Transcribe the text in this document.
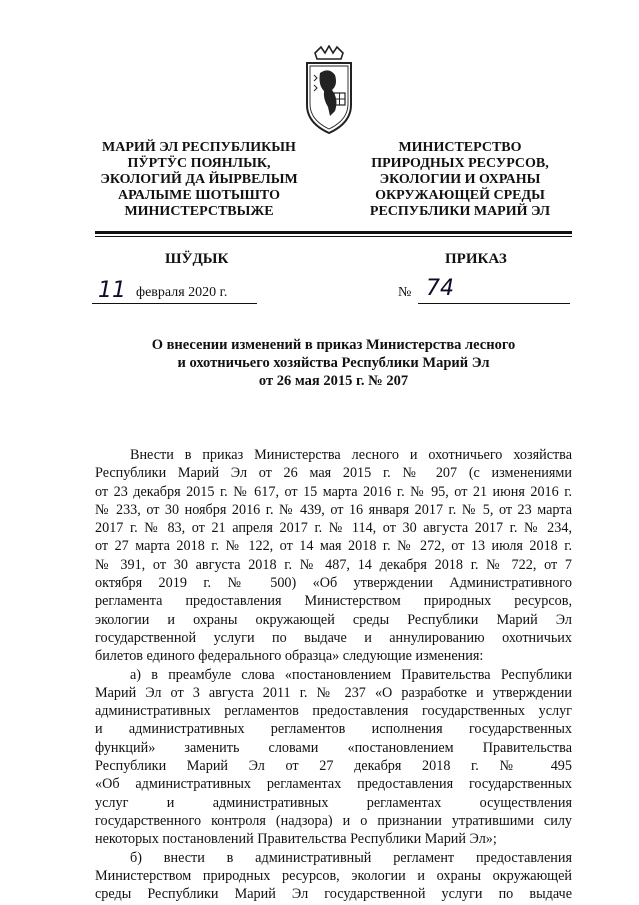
МАРИЙ ЭЛ РЕСПУБЛИКЫН
ПӰРТӰС ПОЯНЛЫК,
ЭКОЛОГИЙ ДА ЙЫРВЕЛЫМ
АРАЛЫМЕ ШОТЫШТО
МИНИСТЕРСТВЫЖЕ
МИНИСТЕРСТВО
ПРИРОДНЫХ РЕСУРСОВ,
ЭКОЛОГИИ И ОХРАНЫ
ОКРУЖАЮЩЕЙ СРЕДЫ
РЕСПУБЛИКИ МАРИЙ ЭЛ
ШӰДЫК	ПРИКАЗ
11 февраля 2020 г.	№ 74
О внесении изменений в приказ Министерства лесного
и охотничьего хозяйства Республики Марий Эл
от 26 мая 2015 г. № 207
Внести в приказ Министерства лесного и охотничьего хозяйства
Республики Марий Эл от 26 мая 2015 г. № 207 (с изменениями
от 23 декабря 2015 г. № 617, от 15 марта 2016 г. № 95, от 21 июня 2016 г.
№ 233, от 30 ноября 2016 г. № 439, от 16 января 2017 г. № 5, от 23 марта
2017 г. № 83, от 21 апреля 2017 г. № 114, от 30 августа 2017 г. № 234,
от 27 марта 2018 г. № 122, от 14 мая 2018 г. № 272, от 13 июля 2018 г.
№ 391, от 30 августа 2018 г. № 487, 14 декабря 2018 г. № 722, от 7
октября 2019 г. № 500) «Об утверждении Административного
регламента предоставления Министерством природных ресурсов,
экологии и охраны окружающей среды Республики Марий Эл
государственной услуги по выдаче и аннулированию охотничьих
билетов единого федерального образца» следующие изменения:
а) в преамбуле слова «постановлением Правительства Республики
Марий Эл от 3 августа 2011 г. № 237 «О разработке и утверждении
административных регламентов предоставления государственных услуг
и административных регламентов исполнения государственных
функций» заменить словами «постановлением Правительства
Республики Марий Эл от 27 декабря 2018 г. № 495
«Об административных регламентах предоставления государственных
услуг и административных регламентах осуществления
государственного контроля (надзора) и о признании утратившими силу
некоторых постановлений Правительства Республики Марий Эл»;
б) внести в административный регламент предоставления
Министерством природных ресурсов, экологии и охраны окружающей
среды Республики Марий Эл государственной услуги по выдаче
